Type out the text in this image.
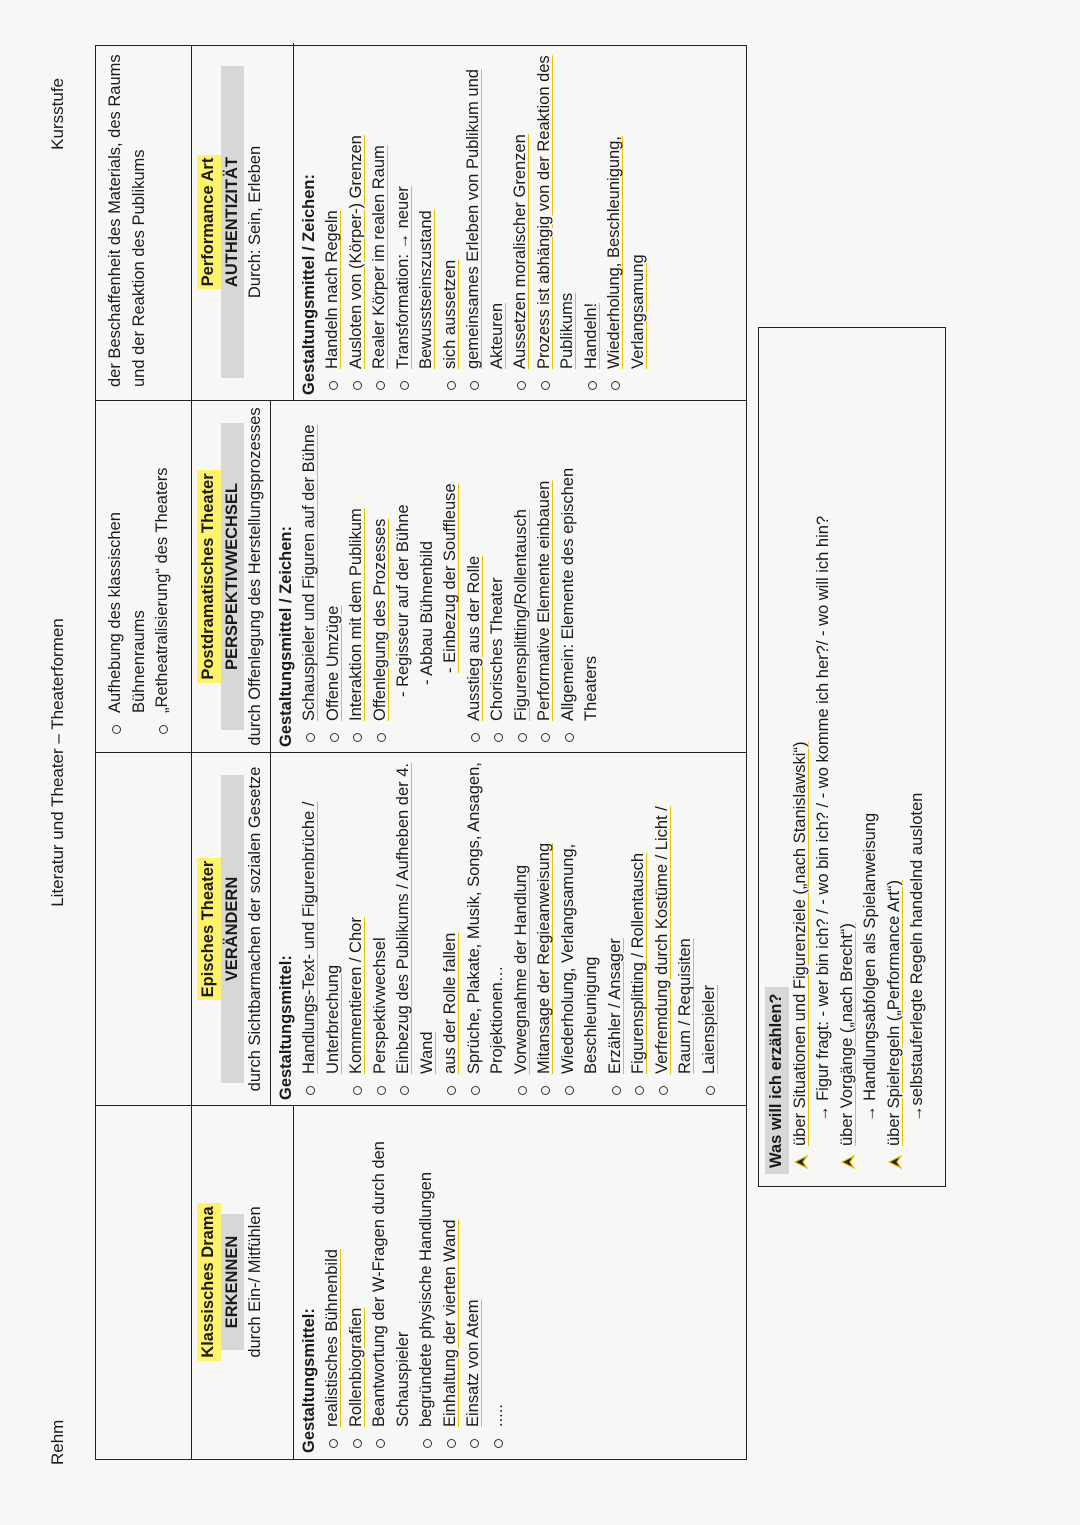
Rehm
Literatur und Theater – Theaterformen
Kursstufe
Aufhebung des klassischen Bühnenraums „Retheatralisierung“ des Theaters
der Beschaffenheit des Materials, des Raums und der Reaktion des Publikums
Klassisches Drama ERKENNEN durch Ein-/ Mitfühlen
Gestaltungsmittel: realistisches Bühnenbild Rollenbiografien Beantwortung der W-Fragen durch den Schauspieler begründete physische Handlungen Einhaltung der vierten Wand Einsatz von Atem .....
Episches Theater VERÄNDERN durch Sichtbarmachen der sozialen Gesetze Gestaltungsmittel: Handlungs-Text- und Figurenbrüche / Unterbrechung Kommentieren / Chor Perspektivwechsel Einbezug des Publikums / Aufheben der 4. Wand aus der Rolle fallen Sprüche, Plakate, Musik, Songs, Ansagen, Projektionen… Vorwegnahme der Handlung Mitansage der Regieanweisung Wiederholung, Verlangsamung, Beschleunigung Erzähler / Ansager Figurensplitting / Rollentausch Verfremdung durch Kostüme / Licht / Raum / Requisiten Laienspieler
Postdramatisches Theater PERSPEKTIVWECHSEL durch Offenlegung des Herstellungsprozesses Gestaltungsmittel / Zeichen: Schauspieler und Figuren auf der Bühne Offene Umzüge Interaktion mit dem Publikum Offenlegung des Prozesses - Regisseur auf der Bühne - Abbau Bühnenbild - Einbezug der Souffleuse Ausstieg aus der Rolle Chorisches Theater Figurensplitting/Rollentausch Performative Elemente einbauen Allgemein: Elemente des epischen Theaters
Performance Art AUTHENTIZITÄT Durch: Sein, Erleben Gestaltungsmittel / Zeichen: Handeln nach Regeln Ausloten von (Körper-) Grenzen Realer Körper im realen Raum Transformation: → neuer Bewusstseinszustand sich aussetzen gemeinsames Erleben von Publikum und Akteuren Aussetzen moralischer Grenzen Prozess ist abhängig von der Reaktion des Publikums Handeln! Wiederholung, Beschleunigung, Verlangsamung
Was will ich erzählen? über Situationen und Figurenziele („nach Stanislawski“) → Figur fragt: - wer bin ich? / - wo bin ich? / - wo komme ich her?/ - wo will ich hin? über Vorgänge („nach Brecht“) → Handlungsabfolgen als Spielanweisung über Spielregeln („Performance Art“) →selbstauferlegte Regeln handelnd ausloten
